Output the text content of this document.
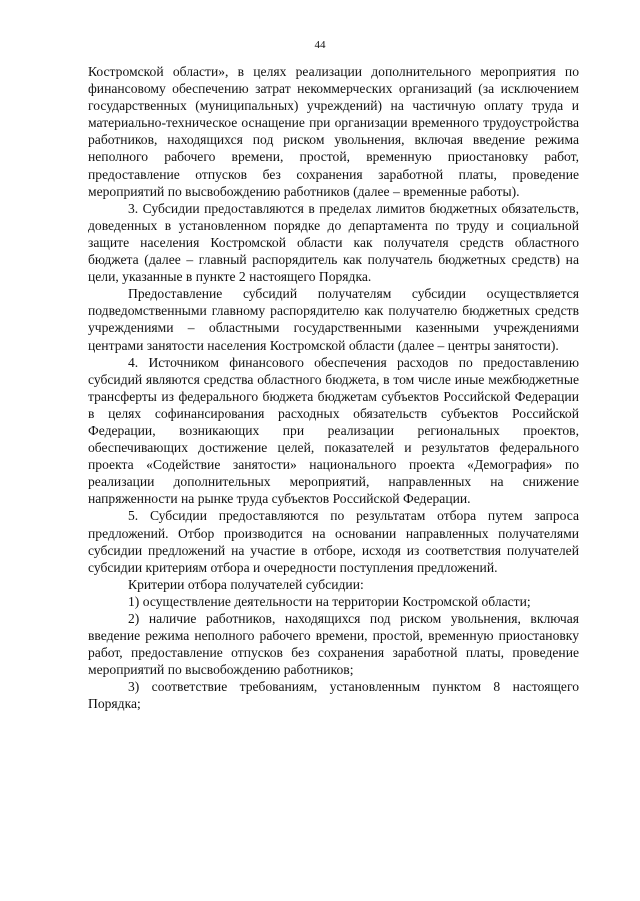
44

Костромской области», в целях реализации дополнительного мероприятия по финансовому обеспечению затрат некоммерческих организаций (за исключением государственных (муниципальных) учреждений) на частичную оплату труда и материально-техническое оснащение при организации временного трудоустройства работников, находящихся под риском увольнения, включая введение режима неполного рабочего времени, простой, временную приостановку работ, предоставление отпусков без сохранения заработной платы, проведение мероприятий по высвобождению работников (далее – временные работы).

3. Субсидии предоставляются в пределах лимитов бюджетных обязательств, доведенных в установленном порядке до департамента по труду и социальной защите населения Костромской области как получателя средств областного бюджета (далее – главный распорядитель как получатель бюджетных средств) на цели, указанные в пункте 2 настоящего Порядка.

Предоставление субсидий получателям субсидии осуществляется подведомственными главному распорядителю как получателю бюджетных средств учреждениями – областными государственными казенными учреждениями центрами занятости населения Костромской области (далее – центры занятости).

4. Источником финансового обеспечения расходов по предоставлению субсидий являются средства областного бюджета, в том числе иные межбюджетные трансферты из федерального бюджета бюджетам субъектов Российской Федерации в целях софинансирования расходных обязательств субъектов Российской Федерации, возникающих при реализации региональных проектов, обеспечивающих достижение целей, показателей и результатов федерального проекта «Содействие занятости» национального проекта «Демография» по реализации дополнительных мероприятий, направленных на снижение напряженности на рынке труда субъектов Российской Федерации.

5. Субсидии предоставляются по результатам отбора путем запроса предложений. Отбор производится на основании направленных получателями субсидии предложений на участие в отборе, исходя из соответствия получателей субсидии критериям отбора и очередности поступления предложений.

Критерии отбора получателей субсидии:

1) осуществление деятельности на территории Костромской области;

2) наличие работников, находящихся под риском увольнения, включая введение режима неполного рабочего времени, простой, временную приостановку работ, предоставление отпусков без сохранения заработной платы, проведение мероприятий по высвобождению работников;

3) соответствие требованиям, установленным пунктом 8 настоящего Порядка;
